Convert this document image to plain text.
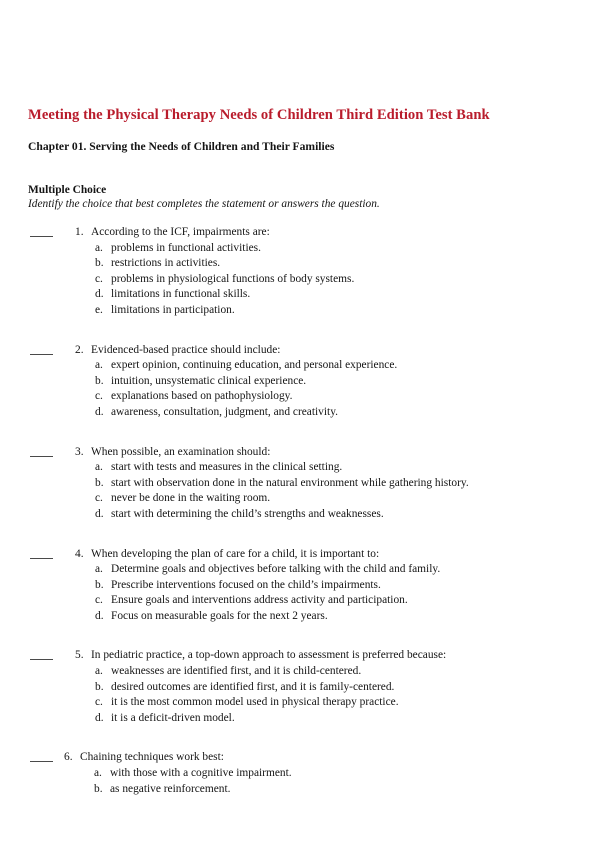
Meeting the Physical Therapy Needs of Children Third Edition Test Bank
Chapter 01. Serving the Needs of Children and Their Families
Multiple Choice
Identify the choice that best completes the statement or answers the question.
1. According to the ICF, impairments are:
a. problems in functional activities.
b. restrictions in activities.
c. problems in physiological functions of body systems.
d. limitations in functional skills.
e. limitations in participation.
2. Evidenced-based practice should include:
a. expert opinion, continuing education, and personal experience.
b. intuition, unsystematic clinical experience.
c. explanations based on pathophysiology.
d. awareness, consultation, judgment, and creativity.
3. When possible, an examination should:
a. start with tests and measures in the clinical setting.
b. start with observation done in the natural environment while gathering history.
c. never be done in the waiting room.
d. start with determining the child’s strengths and weaknesses.
4. When developing the plan of care for a child, it is important to:
a. Determine goals and objectives before talking with the child and family.
b. Prescribe interventions focused on the child’s impairments.
c. Ensure goals and interventions address activity and participation.
d. Focus on measurable goals for the next 2 years.
5. In pediatric practice, a top-down approach to assessment is preferred because:
a. weaknesses are identified first, and it is child-centered.
b. desired outcomes are identified first, and it is family-centered.
c. it is the most common model used in physical therapy practice.
d. it is a deficit-driven model.
6. Chaining techniques work best:
a. with those with a cognitive impairment.
b. as negative reinforcement.
